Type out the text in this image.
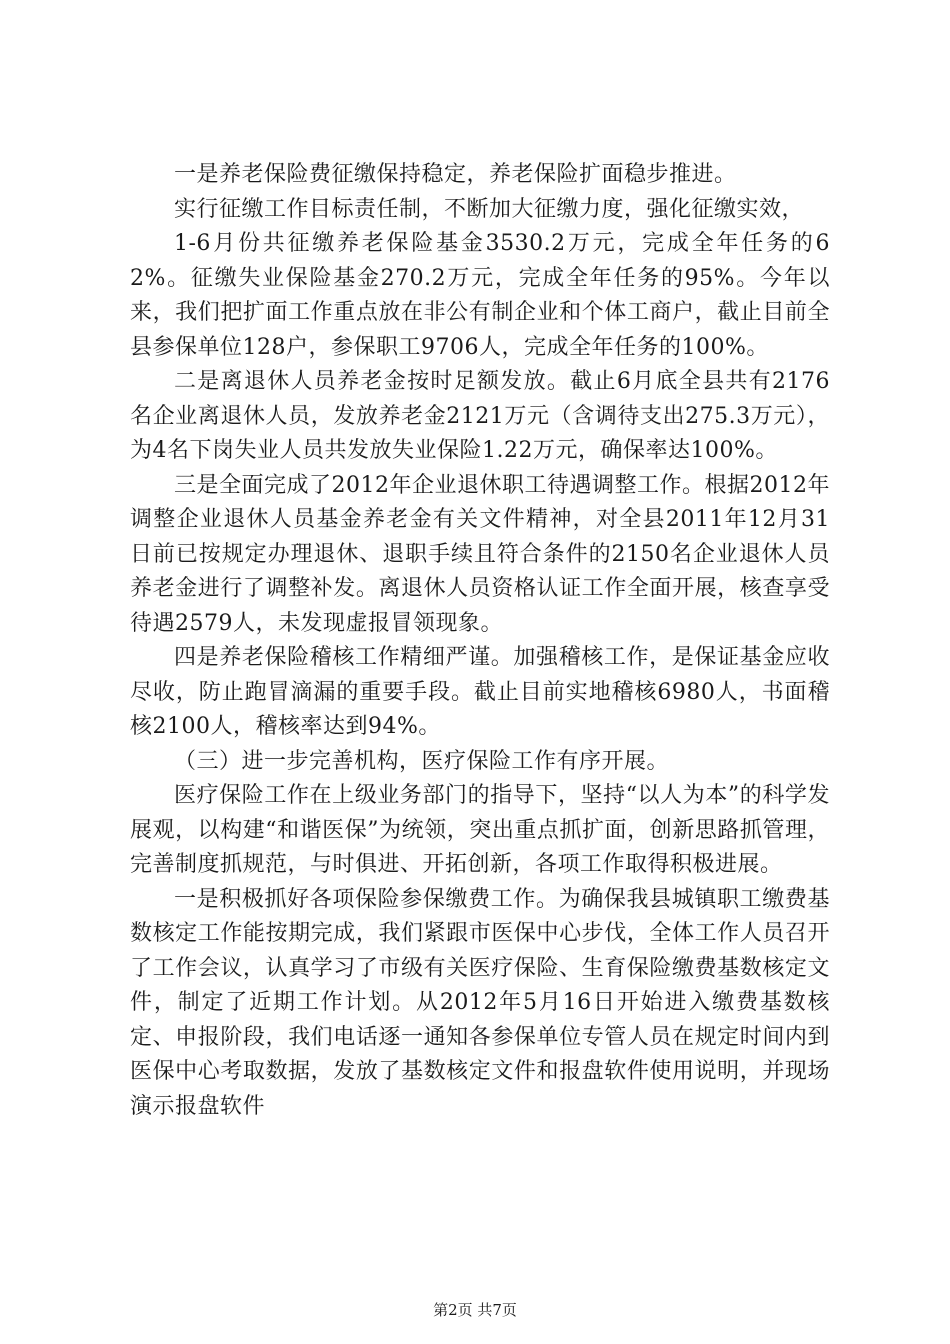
一是养老保险费征缴保持稳定，养老保险扩面稳步推进。

实行征缴工作目标责任制，不断加大征缴力度，强化征缴实效，

1-6月份共征缴养老保险基金3530.2万元，完成全年任务的62%。征缴失业保险基金270.2万元，完成全年任务的95%。今年以来，我们把扩面工作重点放在非公有制企业和个体工商户，截止目前全县参保单位128户，参保职工9706人，完成全年任务的100%。

二是离退休人员养老金按时足额发放。截止6月底全县共有2176名企业离退休人员，发放养老金2121万元（含调待支出275.3万元），为4名下岗失业人员共发放失业保险1.22万元，确保率达100%。

三是全面完成了2012年企业退休职工待遇调整工作。根据2012年调整企业退休人员基金养老金有关文件精神，对全县2011年12月31日前已按规定办理退休、退职手续且符合条件的2150名企业退休人员养老金进行了调整补发。离退休人员资格认证工作全面开展，核查享受待遇2579人，未发现虚报冒领现象。

四是养老保险稽核工作精细严谨。加强稽核工作，是保证基金应收尽收，防止跑冒滴漏的重要手段。截止目前实地稽核6980人，书面稽核2100人，稽核率达到94%。

（三）进一步完善机构，医疗保险工作有序开展。

医疗保险工作在上级业务部门的指导下，坚持“以人为本”的科学发展观，以构建“和谐医保”为统领，突出重点抓扩面，创新思路抓管理，完善制度抓规范，与时俱进、开拓创新，各项工作取得积极进展。

一是积极抓好各项保险参保缴费工作。为确保我县城镇职工缴费基数核定工作能按期完成，我们紧跟市医保中心步伐，全体工作人员召开了工作会议，认真学习了市级有关医疗保险、生育保险缴费基数核定文件，制定了近期工作计划。从2012年5月16日开始进入缴费基数核定、申报阶段，我们电话逐一通知各参保单位专管人员在规定时间内到医保中心考取数据，发放了基数核定文件和报盘软件使用说明，并现场演示报盘软件

第2页 共7页
